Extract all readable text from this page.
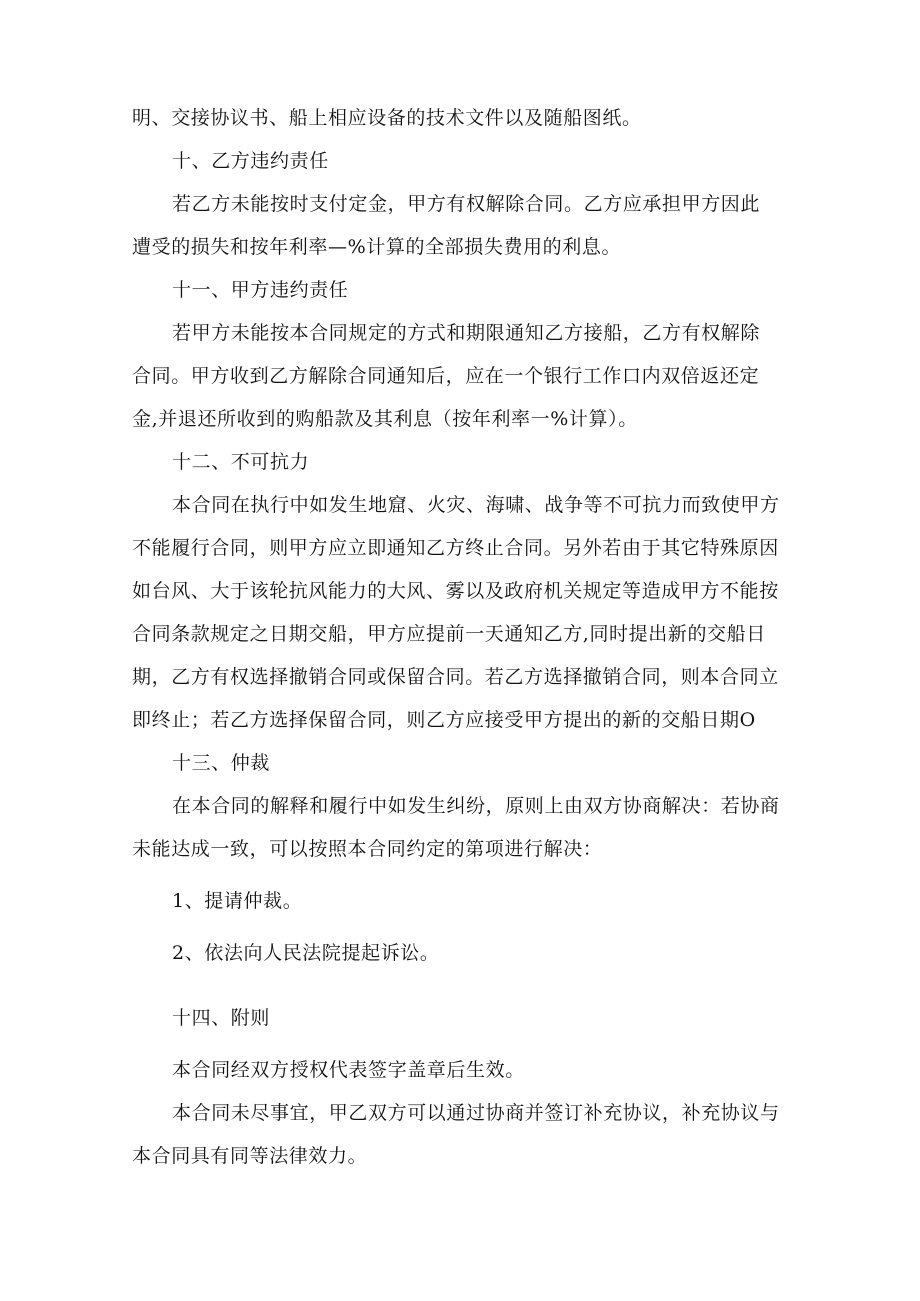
明、交接协议书、船上相应设备的技术文件以及随船图纸。
十、乙方违约责任
若乙方未能按时支付定金，甲方有权解除合同。乙方应承担甲方因此
遭受的损失和按年利率—%计算的全部损失费用的利息。
十一、甲方违约责任
若甲方未能按本合同规定的方式和期限通知乙方接船，乙方有权解除
合同。甲方收到乙方解除合同通知后，应在一个银行工作口内双倍返还定
金,并退还所收到的购船款及其利息（按年利率一%计算）。
十二、不可抗力
本合同在执行中如发生地窟、火灾、海啸、战争等不可抗力而致使甲方
不能履行合同，则甲方应立即通知乙方终止合同。另外若由于其它特殊原因
如台风、大于该轮抗风能力的大风、雾以及政府机关规定等造成甲方不能按
合同条款规定之日期交船，甲方应提前一天通知乙方,同时提出新的交船日
期，乙方有权选择撤销合同或保留合同。若乙方选择撤销合同，则本合同立
即终止；若乙方选择保留合同，则乙方应接受甲方提出的新的交船日期O
十三、仲裁
在本合同的解释和履行中如发生纠纷，原则上由双方协商解决：若协商
未能达成一致，可以按照本合同约定的第项进行解决：
1、提请仲裁。
2、依法向人民法院提起诉讼。
十四、附则
本合同经双方授权代表签字盖章后生效。
本合同未尽事宜，甲乙双方可以通过协商并签订补充协议，补充协议与
本合同具有同等法律效力。
